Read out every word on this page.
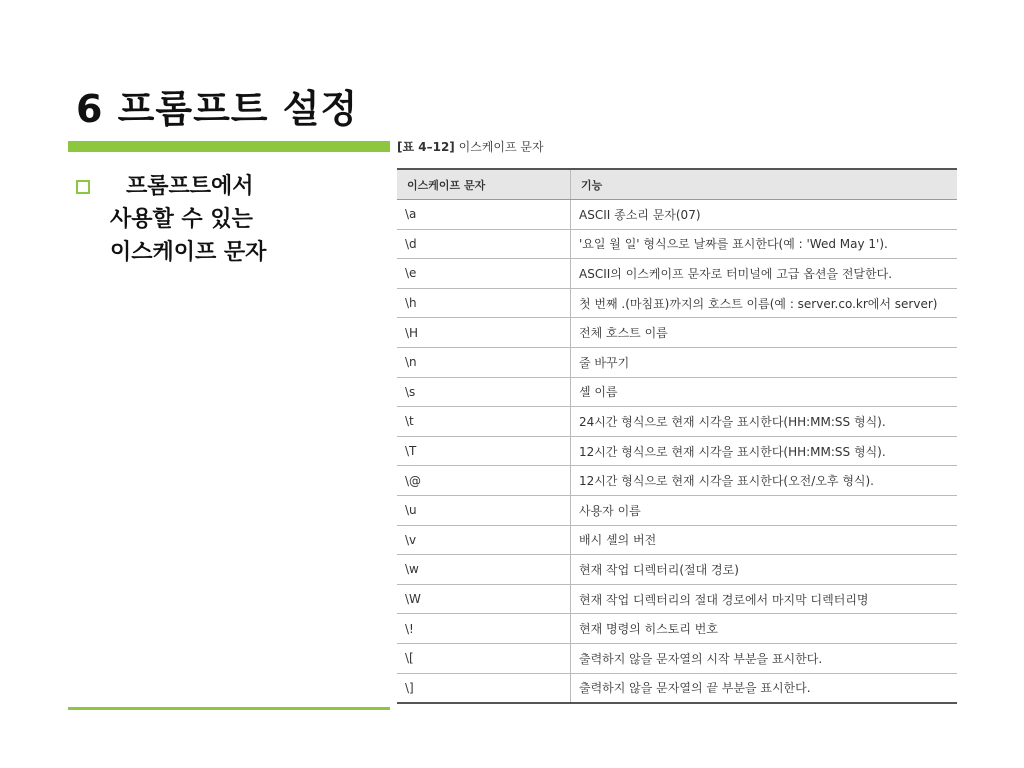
6 프롬프트 설정
프롬프트에서
사용할 수 있는
이스케이프 문자
[표 4–12] 이스케이프 문자
이스케이프 문자	기능
\a	ASCII 종소리 문자(07)
\d	'요일 월 일' 형식으로 날짜를 표시한다(예 : 'Wed May 1').
\e	ASCII의 이스케이프 문자로 터미널에 고급 옵션을 전달한다.
\h	첫 번째 .(마침표)까지의 호스트 이름(예 : server.co.kr에서 server)
\H	전체 호스트 이름
\n	줄 바꾸기
\s	셸 이름
\t	24시간 형식으로 현재 시각을 표시한다(HH:MM:SS 형식).
\T	12시간 형식으로 현재 시각을 표시한다(HH:MM:SS 형식).
\@	12시간 형식으로 현재 시각을 표시한다(오전/오후 형식).
\u	사용자 이름
\v	배시 셸의 버전
\w	현재 작업 디렉터리(절대 경로)
\W	현재 작업 디렉터리의 절대 경로에서 마지막 디렉터리명
\!	현재 명령의 히스토리 번호
\[	출력하지 않을 문자열의 시작 부분을 표시한다.
\]	출력하지 않을 문자열의 끝 부분을 표시한다.
